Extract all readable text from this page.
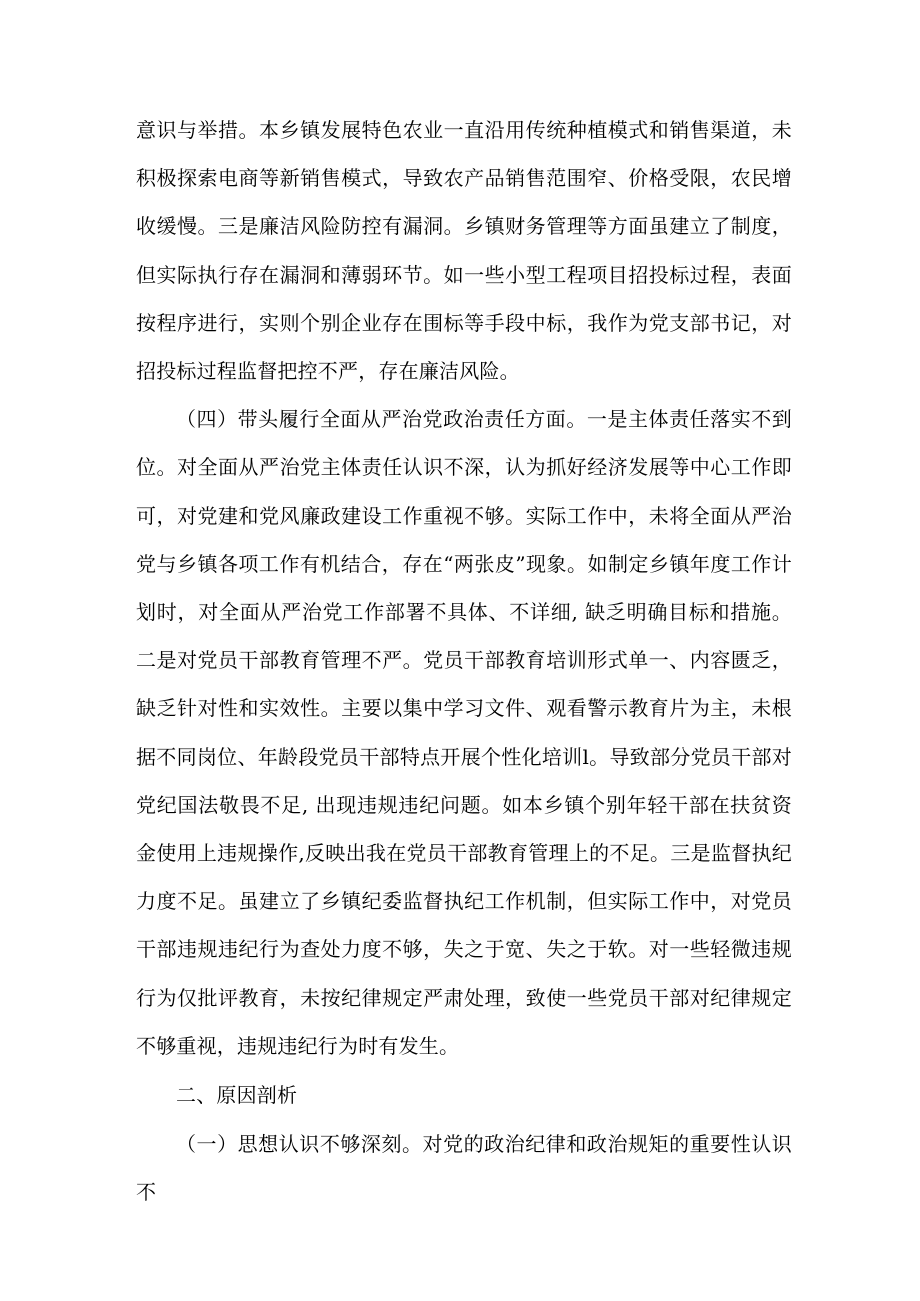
意识与举措。本乡镇发展特色农业一直沿用传统种植模式和销售渠道，未积极探索电商等新销售模式，导致农产品销售范围窄、价格受限，农民增收缓慢。三是廉洁风险防控有漏洞。乡镇财务管理等方面虽建立了制度，但实际执行存在漏洞和薄弱环节。如一些小型工程项目招投标过程，表面按程序进行，实则个别企业存在围标等手段中标，我作为党支部书记，对招投标过程监督把控不严，存在廉洁风险。

（四）带头履行全面从严治党政治责任方面。一是主体责任落实不到位。对全面从严治党主体责任认识不深，认为抓好经济发展等中心工作即可，对党建和党风廉政建设工作重视不够。实际工作中，未将全面从严治党与乡镇各项工作有机结合，存在“两张皮”现象。如制定乡镇年度工作计划时，对全面从严治党工作部署不具体、不详细, 缺乏明确目标和措施。二是对党员干部教育管理不严。党员干部教育培训形式单一、内容匮乏，缺乏针对性和实效性。主要以集中学习文件、观看警示教育片为主，未根据不同岗位、年龄段党员干部特点开展个性化培训l。导致部分党员干部对党纪国法敬畏不足, 出现违规违纪问题。如本乡镇个别年轻干部在扶贫资金使用上违规操作,反映出我在党员干部教育管理上的不足。三是监督执纪力度不足。虽建立了乡镇纪委监督执纪工作机制，但实际工作中，对党员干部违规违纪行为查处力度不够，失之于宽、失之于软。对一些轻微违规行为仅批评教育，未按纪律规定严肃处理，致使一些党员干部对纪律规定不够重视，违规违纪行为时有发生。

二、原因剖析

（一）思想认识不够深刻。对党的政治纪律和政治规矩的重要性认识不
